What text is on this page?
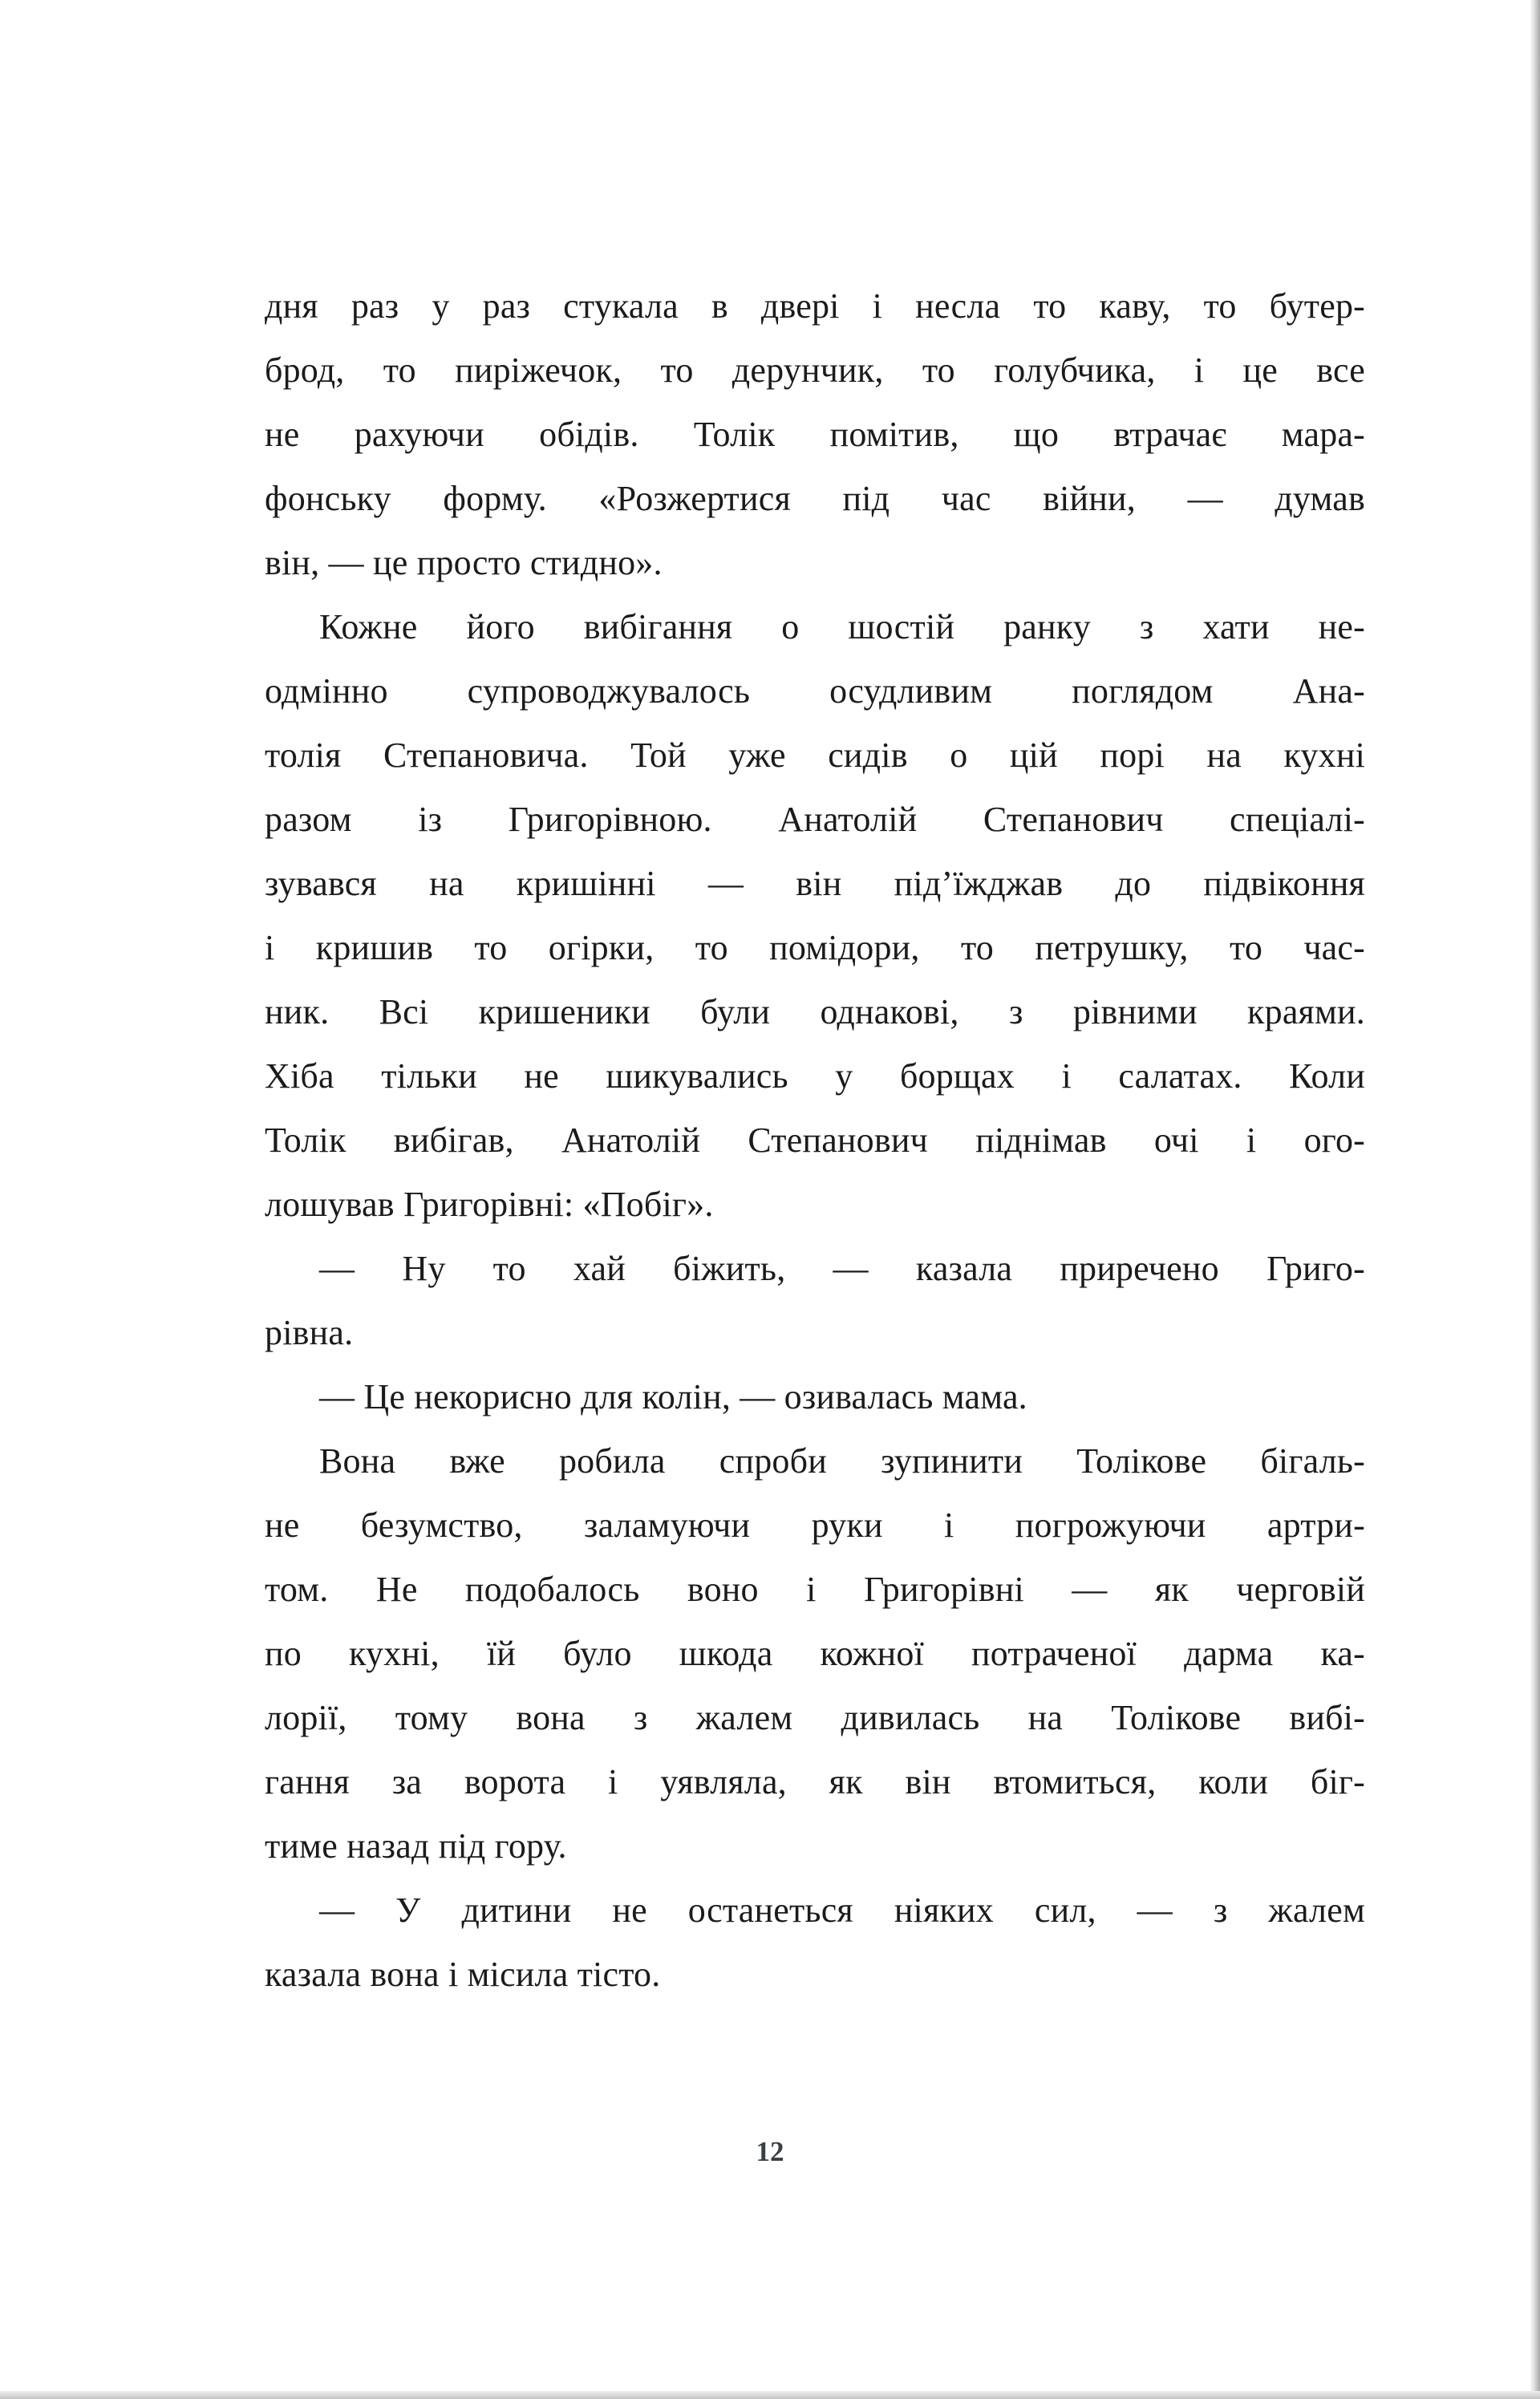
дня раз у раз стукала в двері і несла то каву, то бутер-
брод, то пиріжечок, то дерунчик, то голубчика, і це все
не рахуючи обідів. Толік помітив, що втрачає мара-
фонську форму. «Розжертися під час війни, — думав
він, — це просто стидно».

Кожне його вибігання о шостій ранку з хати не-
одмінно супроводжувалось осудливим поглядом Ана-
толія Степановича. Той уже сидів о цій порі на кухні
разом із Григорівною. Анатолій Степанович спеціалі-
зувався на кришінні — він під’їжджав до підвіконня
і кришив то огірки, то помідори, то петрушку, то час-
ник. Всі кришеники були однакові, з рівними краями.
Хіба тільки не шикувались у борщах і салатах. Коли
Толік вибігав, Анатолій Степанович піднімав очі і ого-
лошував Григорівні: «Побіг».

— Ну то хай біжить, — казала приречено Григо-
рівна.

— Це некорисно для колін, — озивалась мама.

Вона вже робила спроби зупинити Толікове бігаль-
не безумство, заламуючи руки і погрожуючи артри-
том. Не подобалось воно і Григорівні — як черговій
по кухні, їй було шкода кожної потраченої дарма ка-
лорії, тому вона з жалем дивилась на Толікове вибі-
гання за ворота і уявляла, як він втомиться, коли біг-
тиме назад під гору.

— У дитини не останеться ніяких сил, — з жалем
казала вона і місила тісто.

12
